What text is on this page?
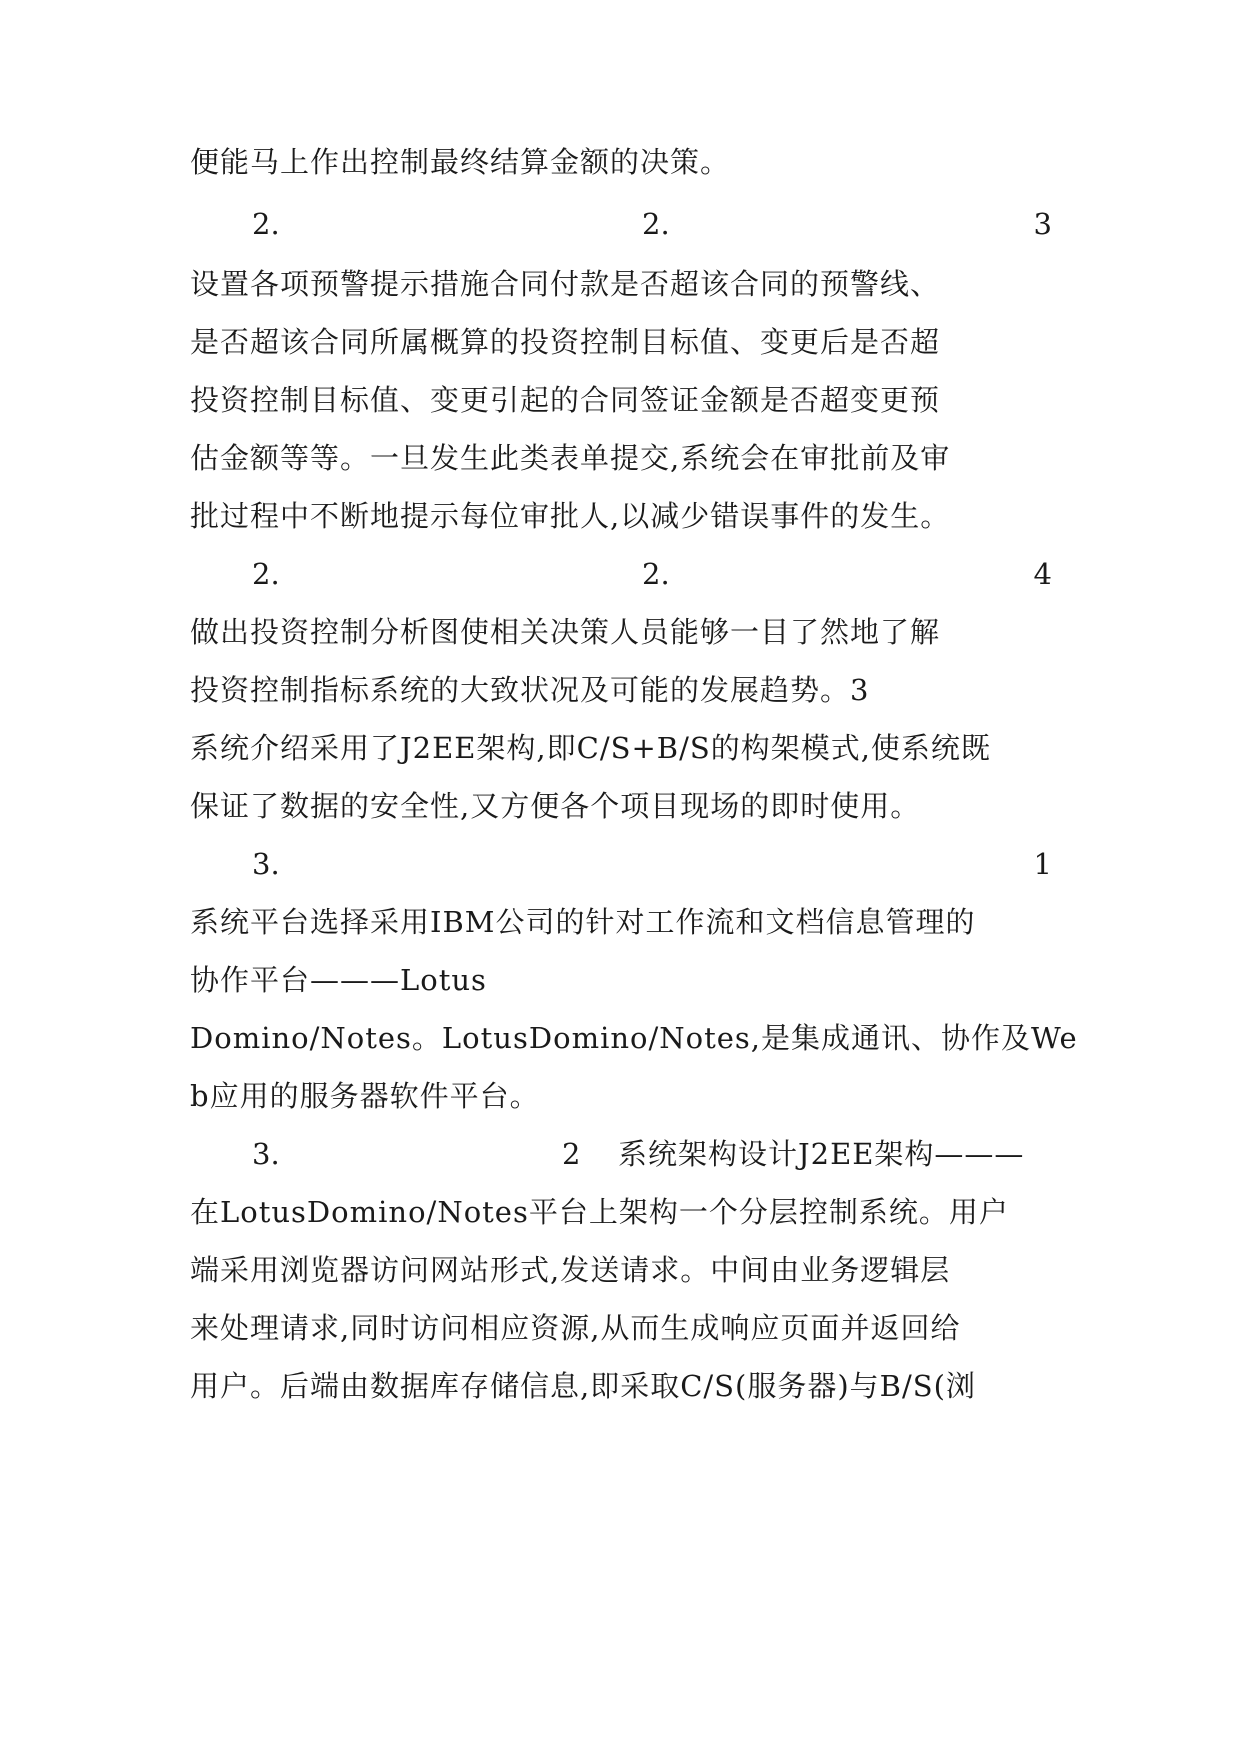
便能马上作出控制最终结算金额的决策。
2.	2.	3
设置各项预警提示措施合同付款是否超该合同的预警线、
是否超该合同所属概算的投资控制目标值、变更后是否超
投资控制目标值、变更引起的合同签证金额是否超变更预
估金额等等。一旦发生此类表单提交,系统会在审批前及审
批过程中不断地提示每位审批人,以减少错误事件的发生。
2.	2.	4
做出投资控制分析图使相关决策人员能够一目了然地了解
投资控制指标系统的大致状况及可能的发展趋势。3
系统介绍采用了J2EE架构,即C/S+B/S的构架模式,使系统既
保证了数据的安全性,又方便各个项目现场的即时使用。
3.	1
系统平台选择采用IBM公司的针对工作流和文档信息管理的
协作平台———Lotus
Domino/Notes。LotusDomino/Notes,是集成通讯、协作及We
b应用的服务器软件平台。
3.	2 系统架构设计J2EE架构———
在LotusDomino/Notes平台上架构一个分层控制系统。用户
端采用浏览器访问网站形式,发送请求。中间由业务逻辑层
来处理请求,同时访问相应资源,从而生成响应页面并返回给
用户。后端由数据库存储信息,即采取C/S(服务器)与B/S(浏
